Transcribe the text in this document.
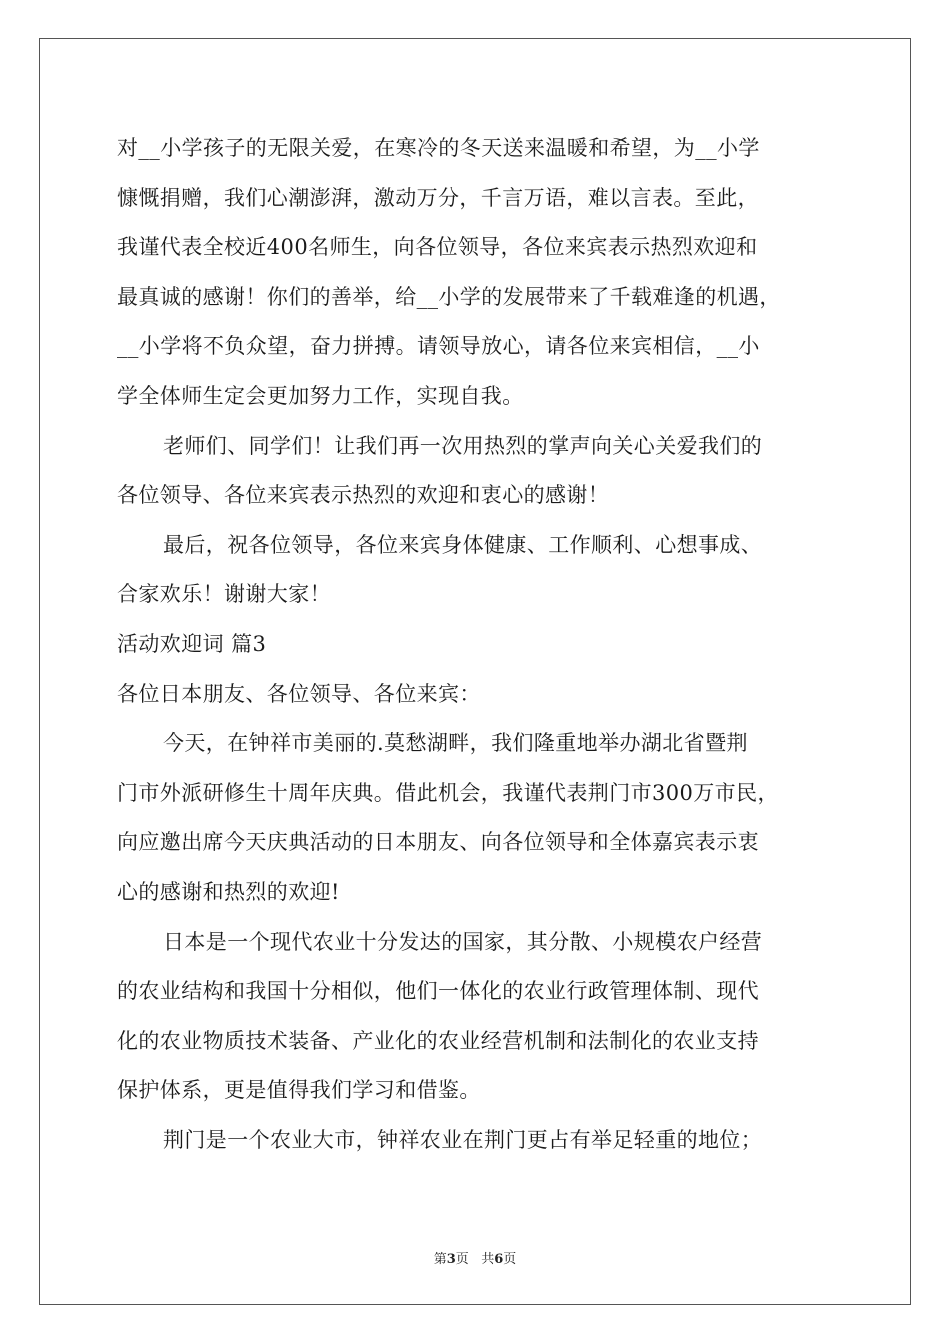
对__小学孩子的无限关爱，在寒冷的冬天送来温暖和希望，为__小学
慷慨捐赠，我们心潮澎湃，激动万分，千言万语，难以言表。至此，
我谨代表全校近400名师生，向各位领导，各位来宾表示热烈欢迎和
最真诚的感谢！你们的善举，给__小学的发展带来了千载难逢的机遇，
__小学将不负众望，奋力拼搏。请领导放心，请各位来宾相信，__小
学全体师生定会更加努力工作，实现自我。
老师们、同学们！让我们再一次用热烈的掌声向关心关爱我们的
各位领导、各位来宾表示热烈的欢迎和衷心的感谢！
最后，祝各位领导，各位来宾身体健康、工作顺利、心想事成、
合家欢乐！谢谢大家！
活动欢迎词 篇3
各位日本朋友、各位领导、各位来宾：
今天，在钟祥市美丽的.莫愁湖畔，我们隆重地举办湖北省暨荆
门市外派研修生十周年庆典。借此机会，我谨代表荆门市300万市民，
向应邀出席今天庆典活动的日本朋友、向各位领导和全体嘉宾表示衷
心的感谢和热烈的欢迎!
日本是一个现代农业十分发达的国家，其分散、小规模农户经营
的农业结构和我国十分相似，他们一体化的农业行政管理体制、现代
化的农业物质技术装备、产业化的农业经营机制和法制化的农业支持
保护体系，更是值得我们学习和借鉴。
荆门是一个农业大市，钟祥农业在荆门更占有举足轻重的地位；
第3页 共6页
